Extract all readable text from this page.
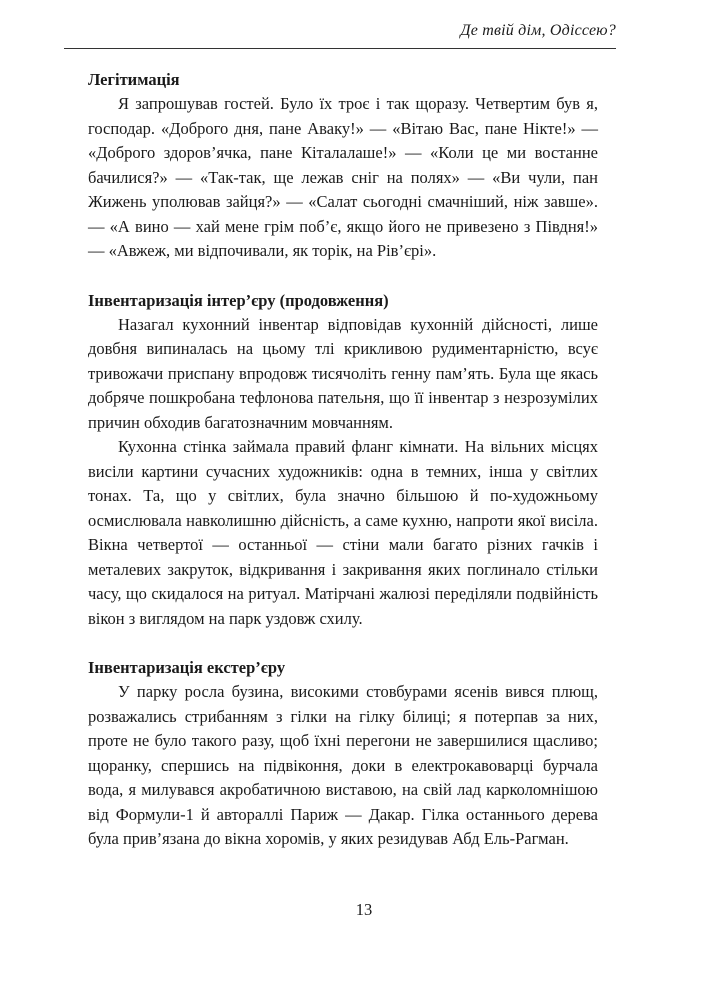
Де твій дім, Одіссею?
Легітимація

Я запрошував гостей. Було їх троє і так щоразу. Четвертим був я, господар. «Доброго дня, пане Аваку!» — «Вітаю Вас, пане Нікте!» — «Доброго здоров’ячка, пане Кіталалаше!» — «Коли це ми востанне бачилися?» — «Так-так, ще лежав сніг на полях» — «Ви чули, пан Жижень уполював зайця?» — «Салат сьогодні смачніший, ніж завше». — «А вино — хай мене грім поб’є, якщо його не привезено з Півдня!» — «Авжеж, ми відпочивали, як торік, на Рів’єрі».

Інвентаризація інтер’єру (продовження)

Назагал кухонний інвентар відповідав кухонній дійсності, лише довбня випиналась на цьому тлі крикливою рудиментарністю, всує тривожачи приспану впродовж тисячоліть генну пам’ять. Була ще якась добряче пошкробана тефлонова пательня, що її інвентар з незрозумілих причин обходив багатозначним мовчанням.

Кухонна стінка займала правий фланг кімнати. На вільних місцях висіли картини сучасних художників: одна в темних, інша у світлих тонах. Та, що у світлих, була значно більшою й по-художньому осмислювала навколишню дійсність, а саме кухню, напроти якої висіла. Вікна четвертої — останньої — стіни мали багато різних гачків і металевих закруток, відкривання і закривання яких поглинало стільки часу, що скидалося на ритуал. Матірчані жалюзі переділяли подвійність вікон з виглядом на парк уздовж схилу.

Інвентаризація екстер’єру

У парку росла бузина, високими стовбурами ясенів вився плющ, розважались стрибанням з гілки на гілку білиці; я потерпав за них, проте не було такого разу, щоб їхні перегони не завершилися щасливо; щоранку, спершись на підвіконня, доки в електрокавоварці бурчала вода, я милувався акробатичною виставою, на свій лад карколомнішою від Формули-1 й автораллі Париж — Дакар. Гілка останнього дерева була прив’язана до вікна хоромів, у яких резидував Абд Ель-Рагман.

13
